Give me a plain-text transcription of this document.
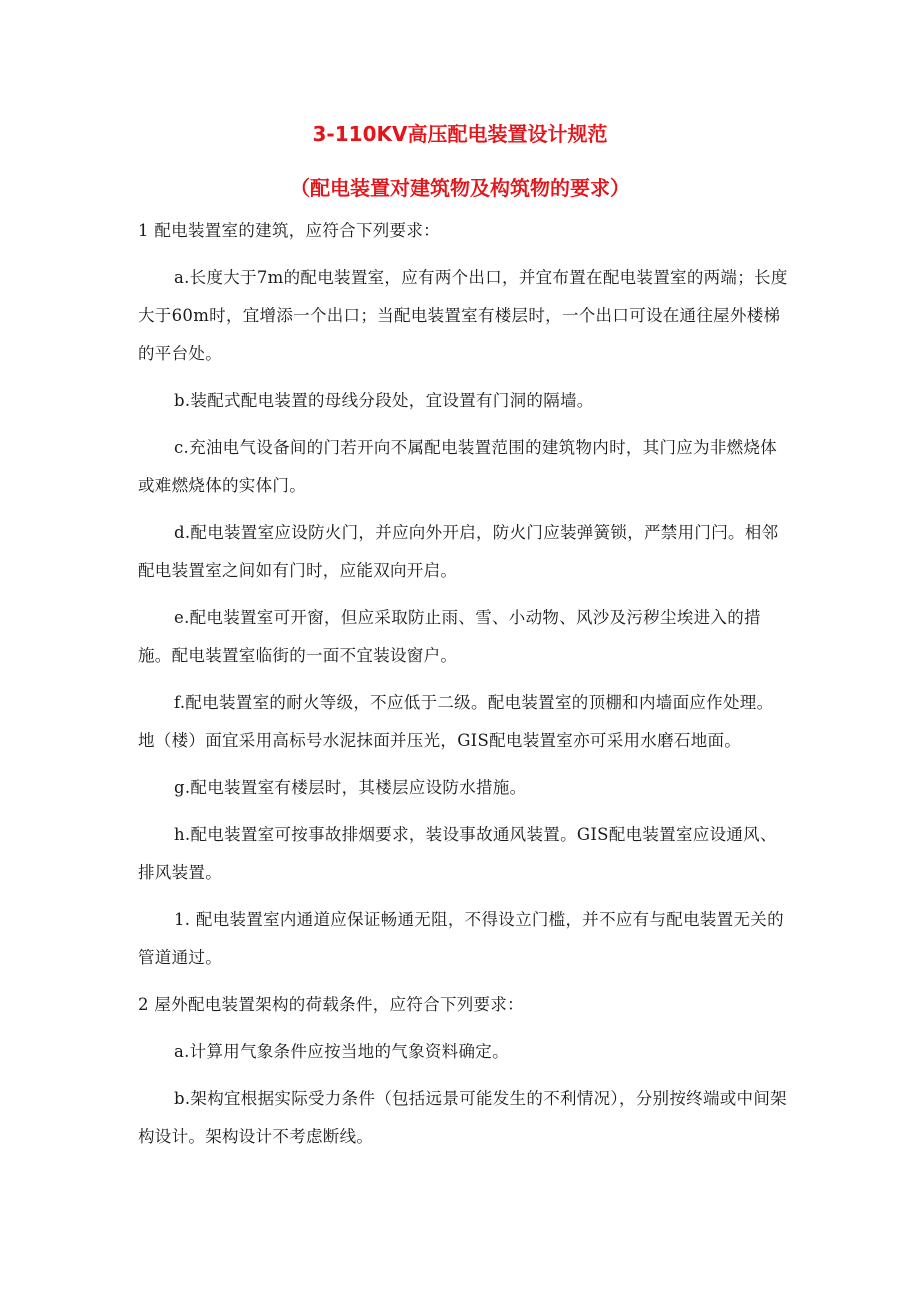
3-110KV高压配电装置设计规范
（配电装置对建筑物及构筑物的要求）

1 配电装置室的建筑，应符合下列要求：

a.长度大于7m的配电装置室，应有两个出口，并宜布置在配电装置室的两端；长度大于60m时，宜增添一个出口；当配电装置室有楼层时，一个出口可设在通往屋外楼梯的平台处。

b.装配式配电装置的母线分段处，宜设置有门洞的隔墙。

c.充油电气设备间的门若开向不属配电装置范围的建筑物内时，其门应为非燃烧体或难燃烧体的实体门。

d.配电装置室应设防火门，并应向外开启，防火门应装弹簧锁，严禁用门闩。相邻配电装置室之间如有门时，应能双向开启。

e.配电装置室可开窗，但应采取防止雨、雪、小动物、风沙及污秽尘埃进入的措施。配电装置室临街的一面不宜装设窗户。

f.配电装置室的耐火等级，不应低于二级。配电装置室的顶棚和内墙面应作处理。地（楼）面宜采用高标号水泥抹面并压光，GIS配电装置室亦可采用水磨石地面。

g.配电装置室有楼层时，其楼层应设防水措施。

h.配电装置室可按事故排烟要求，装设事故通风装置。GIS配电装置室应设通风、排风装置。

1. 配电装置室内通道应保证畅通无阻，不得设立门槛，并不应有与配电装置无关的管道通过。

2 屋外配电装置架构的荷载条件，应符合下列要求：

a.计算用气象条件应按当地的气象资料确定。

b.架构宜根据实际受力条件（包括远景可能发生的不利情况），分别按终端或中间架构设计。架构设计不考虑断线。
